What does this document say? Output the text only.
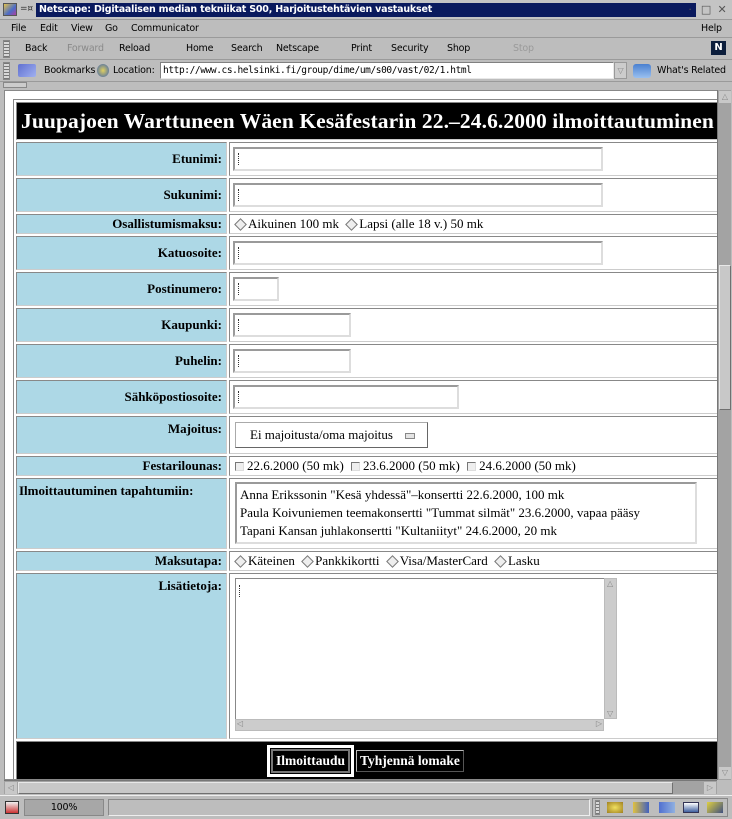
=¤ Netscape: Digitaalisen median tekniikat S00, Harjoitustehtävien vastaukset	· □ ✕
File Edit View Go Communicator	Help
Back Forward Reload	Home Search Netscape	Print Security Shop	Stop	N
Bookmarks Location: http://www.cs.helsinki.fi/group/dime/um/s00/vast/02/1.html	▽	What's Related
Juupajoen Warttuneen Wäen Kesäfestarin 22.–24.6.2000 ilmoittautuminen	
Etunimi:	
Sukunimi:	
Osallistumismaksu:	Aikuinen 100 mk Lapsi (alle 18 v.) 50 mk
Katuosoite:	
Postinumero:	
Kaupunki:	
Puhelin:	
Sähköpostiosoite:	
Majoitus:	Ei majoitusta/oma majoitus
Festarilounas:	22.6.2000 (50 mk) 23.6.2000 (50 mk) 24.6.2000 (50 mk)
Ilmoittautuminen tapahtumiin:	Anna Erikssonin "Kesä yhdessä"–konsertti 22.6.2000, 100 mk
Paula Koivuniemen teemakonsertti "Tummat silmät" 23.6.2000, vapaa pääsy
Tapani Kansan juhlakonsertti "Kultaniityt" 24.6.2000, 20 mk

Maksutapa:	Käteinen Pankkikortti Visa/MasterCard Lasku
Lisätietoja:	△
▽
◁ ▷

Ilmoittaudu Tyhjennä lomake	
△
▽
◁	▷
100%
